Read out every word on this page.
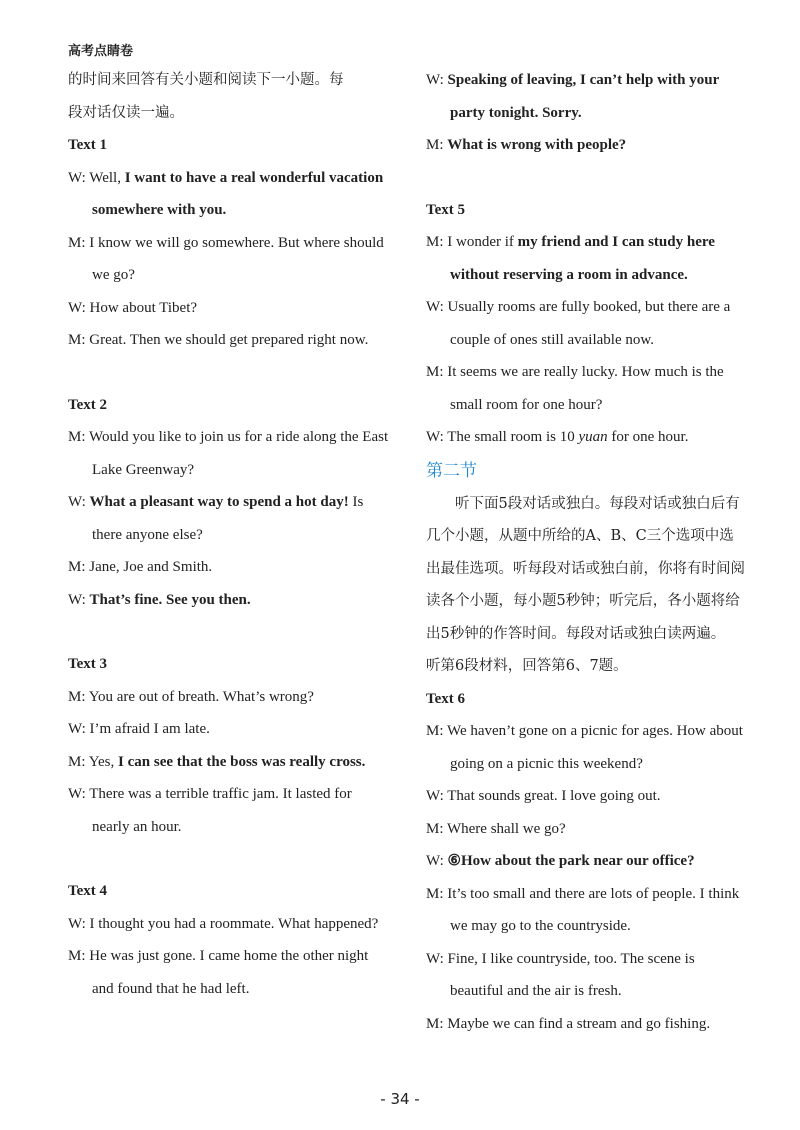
高考点睛卷
的时间来回答有关小题和阅读下一小题。每
段对话仅读一遍。
Text 1
W: Well, I want to have a real wonderful vacation somewhere with you.
M: I know we will go somewhere. But where should we go?
W: How about Tibet?
M: Great. Then we should get prepared right now.
Text 2
M: Would you like to join us for a ride along the East Lake Greenway?
W: What a pleasant way to spend a hot day! Is there anyone else?
M: Jane, Joe and Smith.
W: That’s fine. See you then.
Text 3
M: You are out of breath. What’s wrong?
W: I’m afraid I am late.
M: Yes, I can see that the boss was really cross.
W: There was a terrible traffic jam. It lasted for nearly an hour.
Text 4
W: I thought you had a roommate. What happened?
M: He was just gone. I came home the other night and found that he had left.
W: Speaking of leaving, I can’t help with your party tonight. Sorry.
M: What is wrong with people?
Text 5
M: I wonder if my friend and I can study here without reserving a room in advance.
W: Usually rooms are fully booked, but there are a couple of ones still available now.
M: It seems we are really lucky. How much is the small room for one hour?
W: The small room is 10 yuan for one hour.
第二节
听下面5段对话或独白。每段对话或独白后有几个小题，从题中所给的A、B、C三个选项中选出最佳选项。听每段对话或独白前，你将有时间阅读各个小题，每小题5秒钟；听完后，各小题将给出5秒钟的作答时间。每段对话或独白读两遍。
听第6段材料，回答第6、7题。
Text 6
M: We haven’t gone on a picnic for ages. How about going on a picnic this weekend?
W: That sounds great. I love going out.
M: Where shall we go?
W: ⑥How about the park near our office?
M: It’s too small and there are lots of people. I think we may go to the countryside.
W: Fine, I like countryside, too. The scene is beautiful and the air is fresh.
M: Maybe we can find a stream and go fishing.
- 34 -
